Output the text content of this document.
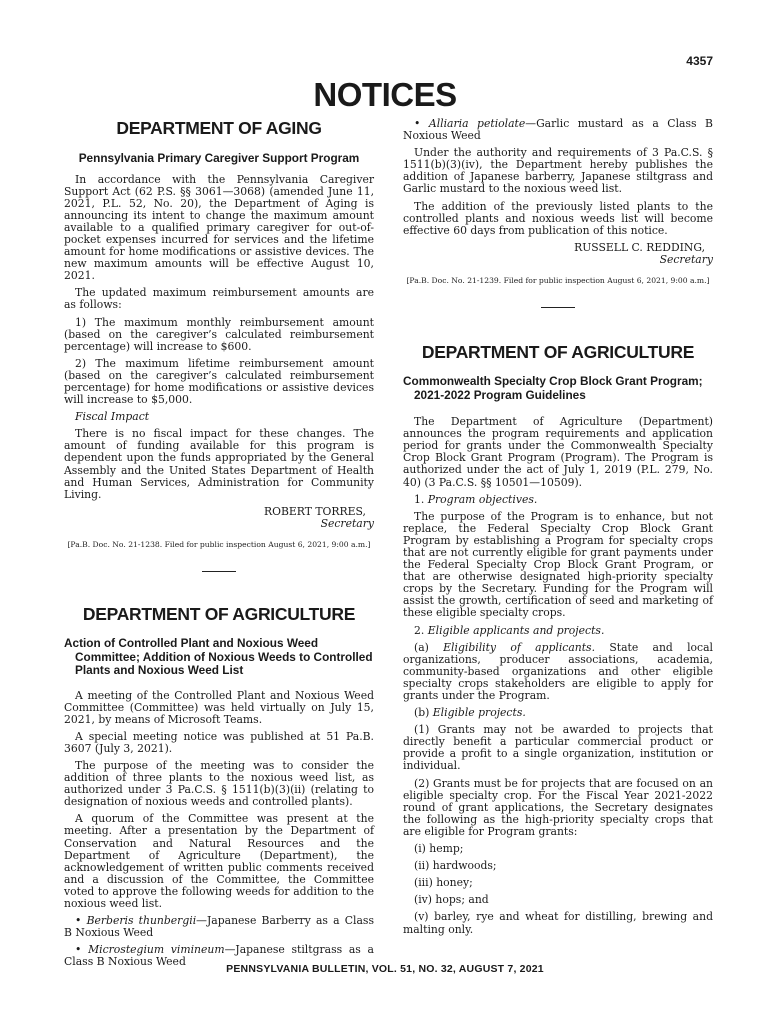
4357
NOTICES
DEPARTMENT OF AGING
Pennsylvania Primary Caregiver Support Program

In accordance with the Pennsylvania Caregiver Support Act (62 P.S. §§ 3061—3068) (amended June 11, 2021, P.L. 52, No. 20), the Department of Aging is announcing its intent to change the maximum amount available to a qualified primary caregiver for out-of-pocket expenses incurred for services and the lifetime amount for home modifications or assistive devices. The new maximum amounts will be effective August 10, 2021.

The updated maximum reimbursement amounts are as follows:

1) The maximum monthly reimbursement amount (based on the caregiver’s calculated reimbursement percentage) will increase to $600.

2) The maximum lifetime reimbursement amount (based on the caregiver’s calculated reimbursement percentage) for home modifications or assistive devices will increase to $5,000.

Fiscal Impact

There is no fiscal impact for these changes. The amount of funding available for this program is dependent upon the funds appropriated by the General Assembly and the United States Department of Health and Human Services, Administration for Community Living.

ROBERT TORRES,

Secretary

[Pa.B. Doc. No. 21-1238. Filed for public inspection August 6, 2021, 9:00 a.m.]

DEPARTMENT OF AGRICULTURE
Action of Controlled Plant and Noxious Weed Committee; Addition of Noxious Weeds to Controlled Plants and Noxious Weed List

A meeting of the Controlled Plant and Noxious Weed Committee (Committee) was held virtually on July 15, 2021, by means of Microsoft Teams.

A special meeting notice was published at 51 Pa.B. 3607 (July 3, 2021).

The purpose of the meeting was to consider the addition of three plants to the noxious weed list, as authorized under 3 Pa.C.S. § 1511(b)(3)(ii) (relating to designation of noxious weeds and controlled plants).

A quorum of the Committee was present at the meeting. After a presentation by the Department of Conservation and Natural Resources and the Department of Agriculture (Department), the acknowledgement of written public comments received and a discussion of the Committee, the Committee voted to approve the following weeds for addition to the noxious weed list.

• Berberis thunbergii—Japanese Barberry as a Class B Noxious Weed

• Microstegium vimineum—Japanese stiltgrass as a Class B Noxious Weed

• Alliaria petiolate—Garlic mustard as a Class B Noxious Weed

Under the authority and requirements of 3 Pa.C.S. § 1511(b)(3)(iv), the Department hereby publishes the addition of Japanese barberry, Japanese stiltgrass and Garlic mustard to the noxious weed list.

The addition of the previously listed plants to the controlled plants and noxious weeds list will become effective 60 days from publication of this notice.

RUSSELL C. REDDING,

Secretary

[Pa.B. Doc. No. 21-1239. Filed for public inspection August 6, 2021, 9:00 a.m.]

DEPARTMENT OF AGRICULTURE
Commonwealth Specialty Crop Block Grant Program; 2021-2022 Program Guidelines

The Department of Agriculture (Department) announces the program requirements and application period for grants under the Commonwealth Specialty Crop Block Grant Program (Program). The Program is authorized under the act of July 1, 2019 (P.L. 279, No. 40) (3 Pa.C.S. §§ 10501—10509).

1. Program objectives.

The purpose of the Program is to enhance, but not replace, the Federal Specialty Crop Block Grant Program by establishing a Program for specialty crops that are not currently eligible for grant payments under the Federal Specialty Crop Block Grant Program, or that are otherwise designated high-priority specialty crops by the Secretary. Funding for the Program will assist the growth, certification of seed and marketing of these eligible specialty crops.

2. Eligible applicants and projects.

(a) Eligibility of applicants. State and local organizations, producer associations, academia, community-based organizations and other eligible specialty crops stakeholders are eligible to apply for grants under the Program.

(b) Eligible projects.

(1) Grants may not be awarded to projects that directly benefit a particular commercial product or provide a profit to a single organization, institution or individual.

(2) Grants must be for projects that are focused on an eligible specialty crop. For the Fiscal Year 2021-2022 round of grant applications, the Secretary designates the following as the high-priority specialty crops that are eligible for Program grants:

(i) hemp;

(ii) hardwoods;

(iii) honey;

(iv) hops; and

(v) barley, rye and wheat for distilling, brewing and malting only.

PENNSYLVANIA BULLETIN, VOL. 51, NO. 32, AUGUST 7, 2021
